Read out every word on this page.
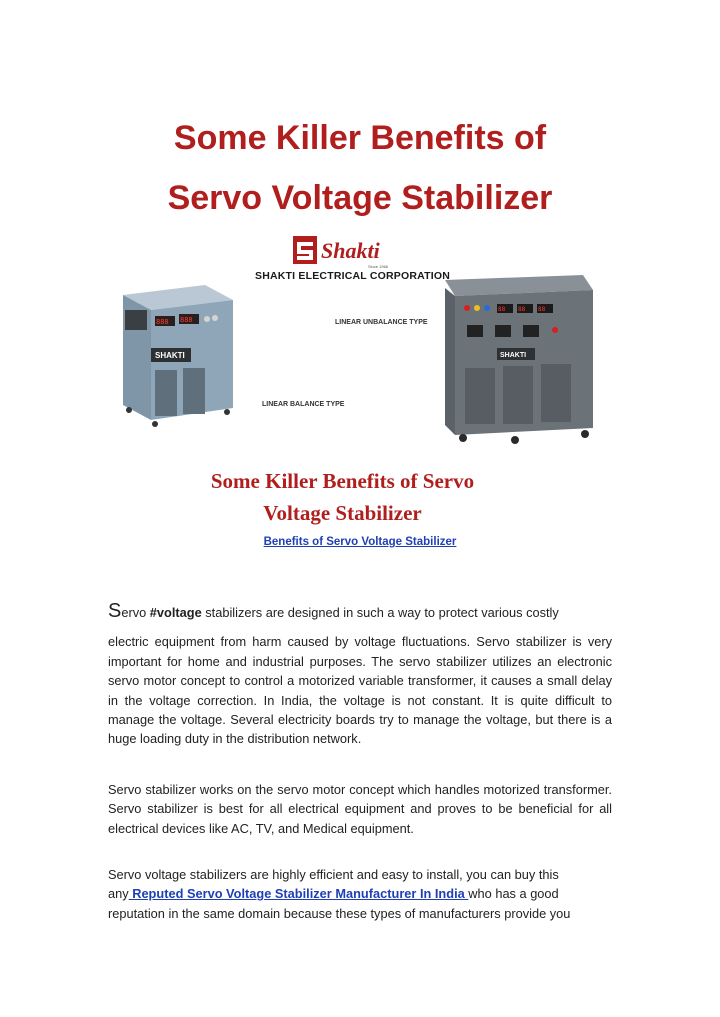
Some Killer Benefits of
Servo Voltage Stabilizer
Shakti
Since 1966
888 888
SHAKTI
88 88 88
SHAKTI
SHAKTI ELECTRICAL CORPORATION
LINEAR UNBALANCE TYPE
LINEAR BALANCE TYPE
Some Killer Benefits of Servo
Voltage Stabilizer
Benefits of Servo Voltage Stabilizer
Servo #voltage stabilizers are designed in such a way to protect various costly
electric equipment from harm caused by voltage fluctuations. Servo stabilizer is very important for home and industrial purposes. The servo stabilizer utilizes an electronic servo motor concept to control a motorized variable transformer, it causes a small delay in the voltage correction. In India, the voltage is not constant. It is quite difficult to manage the voltage. Several electricity boards try to manage the voltage, but there is a huge loading duty in the distribution network.
Servo stabilizer works on the servo motor concept which handles motorized transformer. Servo stabilizer is best for all electrical equipment and proves to be beneficial for all electrical devices like AC, TV, and Medical equipment.
Servo voltage stabilizers are highly efficient and easy to install, you can buy this
any Reputed Servo Voltage Stabilizer Manufacturer In India who has a good
reputation in the same domain because these types of manufacturers provide you
